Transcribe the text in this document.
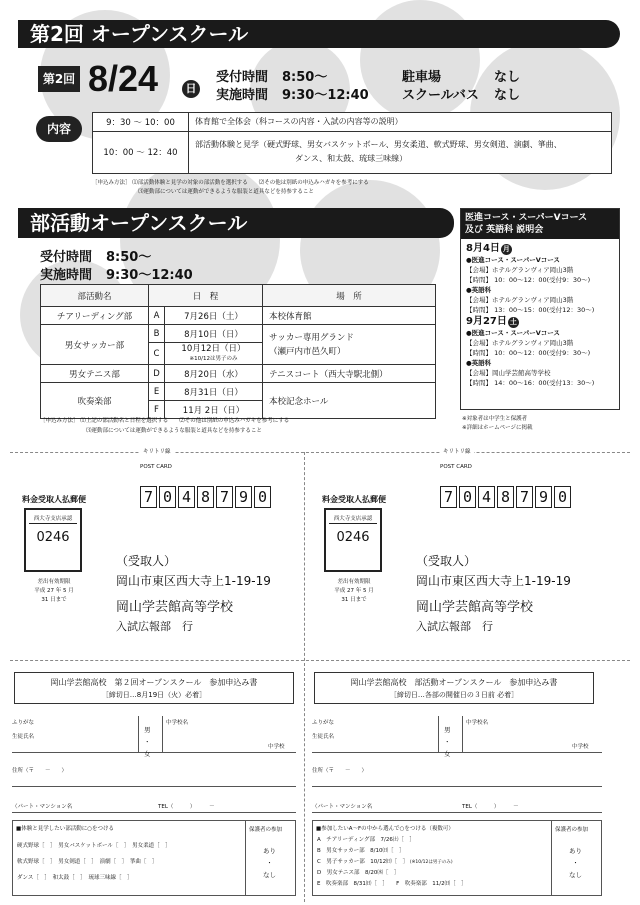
第2回 オープンスクール
第2回 8/24	日
受付時間 8:50～
実施時間 9:30～12:40
駐車場	なし
スクールバス なし
内容	9：30 ～ 10：00	体育館で全体会（科コースの内容・入試の内容等の説明）
10：00 ～ 12：40	部活動体験と見学（硬式野球、男女バスケットボール、男女柔道、軟式野球、男女剣道、演劇、箏曲、
ダンス、和太鼓、琉球三味線）
［申込み方法］ ⑴部活動体験と見学の対象の部活動を選択する　　⑵その他は別紙の申込みハガキを参考にする
⑶運動部については運動ができるような服装と道具などを持参すること
部活動オープンスクール
受付時間 8:50～
実施時間 9:30～12:40
部活動名	日　程		場　所
チアリーディング部	A	7月26日（土）	本校体育館
男女サッカー部	B	8月10日（日）	サッカー専用グランド
（瀬戸内市邑久町）

	C	10月12日（日）
※10/12は男子のみ	

男女テニス部	D	8月20日（水）	テニスコート（西大寺駅北側）
吹奏楽部	E	8月31日（日）	本校記念ホール
	F	11月 2日（日）	
［申込み方法］ ⑴上記の部活動名と日程を選択する　　⑵その他は別紙の申込みハガキを参考にする
⑶運動部については運動ができるような服装と道具などを持参すること
医進コース・スーパーVコース
及び 英語科 説明会
8月4日 月
●医進コース・スーパーVコース
【会場】ホテルグランヴィア岡山3階
【時間】 10：00～12：00(受付9：30～)
●英語科
【会場】ホテルグランヴィア岡山3階
【時間】 13：00～15：00(受付12：30～)
9月27日 土
●医進コース・スーパーVコース
【会場】ホテルグランヴィア岡山3階
【時間】 10：00～12：00(受付9：30～)
●英語科
【会場】岡山学芸館高等学校
【時間】 14：00～16：00(受付13：30～)
※対象者は中学生と保護者
※詳細はホームページに掲載
キリトリ線	キリトリ線
POST CARD
料金受取人払郵便
西大寺支店承認
0246
差出有効期限
平成 27 年 5 月
31 日まで
7 0 4 8 7 9 0
（受取人）
岡山市東区西大寺上1-19-19
岡山学芸館高等学校
入試広報部　行
POST CARD
料金受取人払郵便
西大寺支店承認
0246
差出有効期限
平成 27 年 5 月
31 日まで
7 0 4 8 7 9 0
（受取人）
岡山市東区西大寺上1-19-19
岡山学芸館高等学校
入試広報部　行
岡山学芸館高校　第２回オープンスクール　参加申込み書
［締切日…8月19日（火）必着］
ふりがな
生徒氏名
男
・
女
中学校名
中学校
住所（〒　　－　　）
（パート・マンション名	TEL（　　　）　　　－
■体験と見学したい部活動に○をつける
硬式野球［　］　 男女バスケットボール［　］　 男女柔道［　］
軟式野球［　］　 男女剣道［　］　 演劇［　］　 箏曲［　］
ダンス［　］　 和太鼓［　］　 琉球三味線［　］
保護者の参加
あり
・
なし
岡山学芸館高校　部活動オープンスクール　参加申込み書
［締切日…各部の開催日の３日前 必着］
ふりがな
生徒氏名
男
・
女
中学校名
中学校
住所（〒　　－　　）
（パート・マンション名	TEL（　　　）　　　－
■参加したいA～Fの中から選んで○をつける（複数可）
A　チアリーディング部　7/26㈯［　］
B　男女サッカー部　8/10㈰［　］
C　男子サッカー部　10/12㈰［　］ (※10/12は男子のみ)
D　男女テニス部　8/20㈬［　］
E　吹奏楽部　8/31㈰［　］　　F　吹奏楽部　11/2㈰［　］
保護者の参加
あり
・
なし
